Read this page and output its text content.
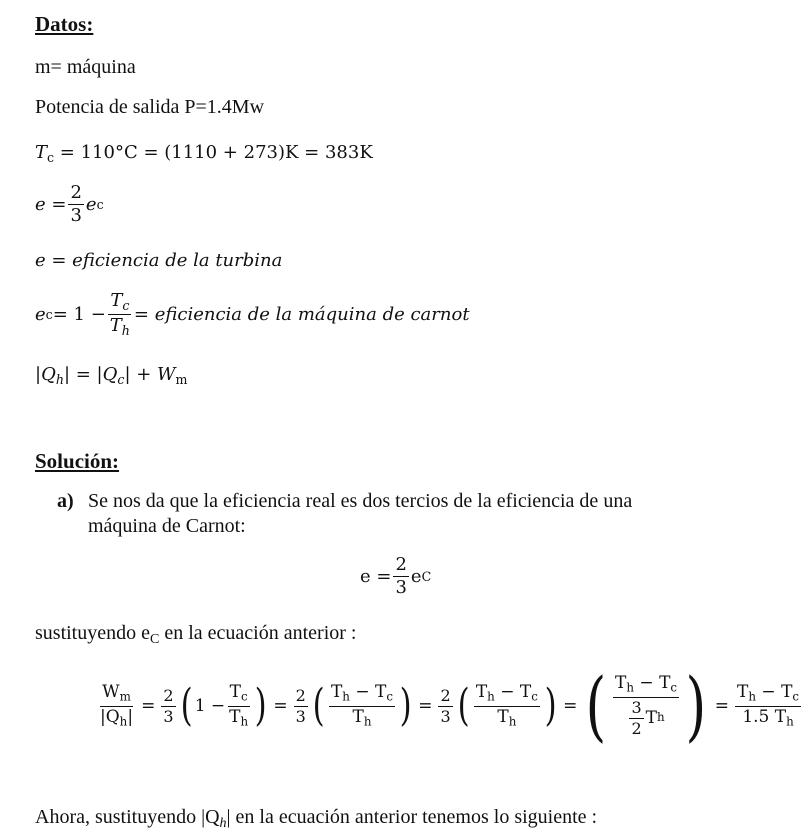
Datos:
m= máquina
Potencia de salida P=1.4Mw
$T_c = 110^\circ C = (1110 + 273)K = 383K$
$e = \frac{2}{3}$ e c
e = eficiencia de la turbina
e $c = 1 - \frac{T_c}{T_h}$ = eficiencia de la máquina de carnot
$|Q_h| = |Q_c| + W_m$
Solución:
a) Se nos da que la eficiencia real es dos tercios de la eficiencia de una
máquina de Carnot:
$e = \frac{2}{3}$ e C
sustituyendo $e_C$ en la ecuación anterior :
$\frac{W_m}{|Q_h|} = \frac{2}{3}$ ( $1 - \frac{T_c}{T_h}$ ) = $\frac{2}{3}$ ( $\frac{T_h - T_c}{T_h}$ ) = $\frac{2}{3}$ ( $\frac{T_h - T_c}{T_h}$ ) = ( $\frac{T_h - T_c}{\frac{3}{2} T h}$ ) = $\frac{T_h - T_c}{1.5 T_h}$
Ahora, sustituyendo $|Q_h|$ en la ecuación anterior tenemos lo siguiente :
